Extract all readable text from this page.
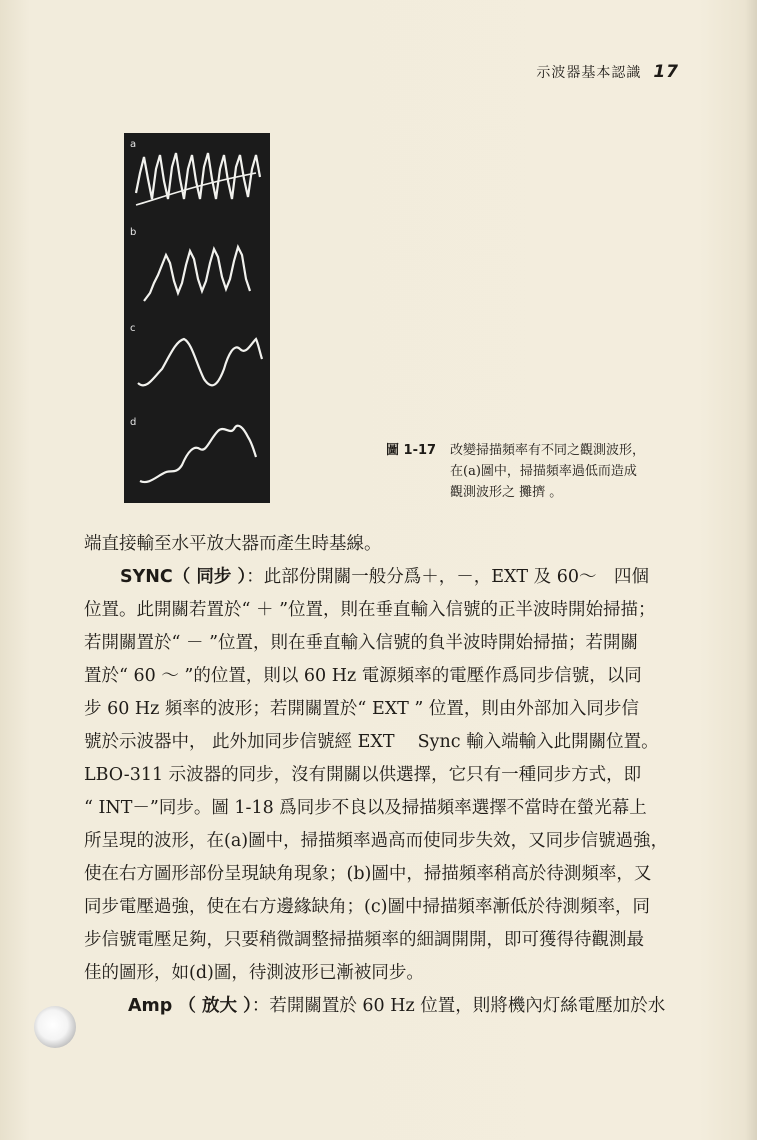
示波器基本認識 17
a
b
c
d
圖 1-17 改變掃描頻率有不同之觀測波形，
在(a)圖中，掃描頻率過低而造成
觀測波形之 攤擠 。
端直接輸至水平放大器而產生時基線。
SYNC（ 同步 ）：此部份開關一般分爲＋，－，EXT 及 60～　四個
位置。此開關若置於“ ＋ ”位置，則在垂直輸入信號的正半波時開始掃描；
若開關置於“ － ”位置，則在垂直輸入信號的負半波時開始掃描；若開關
置於“ 60 ～ ”的位置，則以 60 Hz 電源頻率的電壓作爲同步信號，以同
步 60 Hz 頻率的波形；若開關置於“ EXT ” 位置，則由外部加入同步信
號於示波器中， 此外加同步信號經 EXT　 Sync 輸入端輸入此開關位置。
LBO-311 示波器的同步，沒有開關以供選擇，它只有一種同步方式，即
“ INT－”同步。圖 1-18 爲同步不良以及掃描頻率選擇不當時在螢光幕上
所呈現的波形，在(a)圖中，掃描頻率過高而使同步失效，又同步信號過強，
使在右方圖形部份呈現缺角現象；(b)圖中，掃描頻率稍高於待測頻率，又
同步電壓過強，使在右方邊緣缺角；(c)圖中掃描頻率漸低於待測頻率，同
步信號電壓足夠，只要稍微調整掃描頻率的細調開開，即可獲得待觀測最
佳的圖形，如(d)圖，待測波形已漸被同步。
Amp （ 放大 ）：若開關置於 60 Hz 位置，則將機內灯絲電壓加於水
